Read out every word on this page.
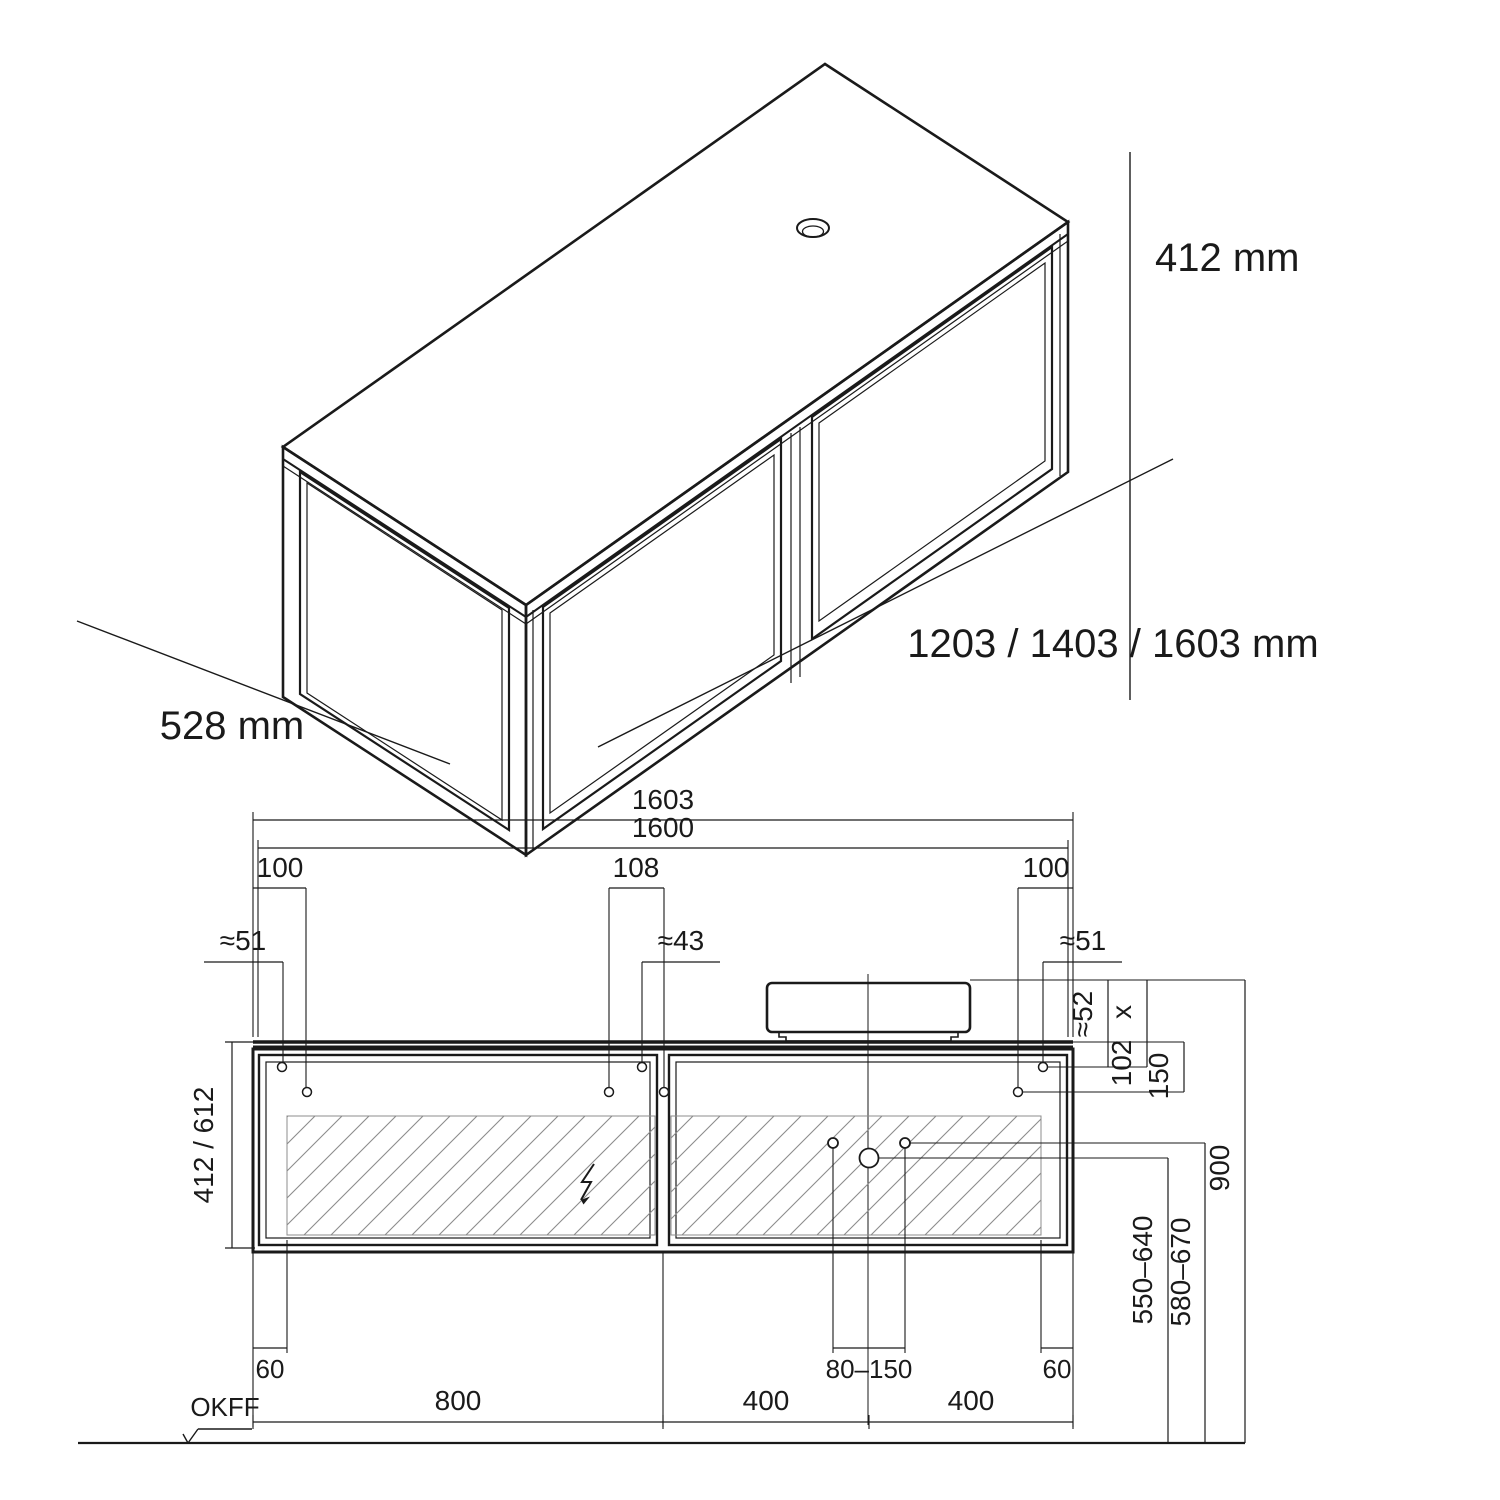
412 mm
1203 / 1403 / 1603 mm
528 mm
1603
1600
100	108	100
≈51	≈43	≈51
412 / 612
≈52 x
102 150
900
550–640 580–670
60	80–150	60
800	400	400
OKFF
